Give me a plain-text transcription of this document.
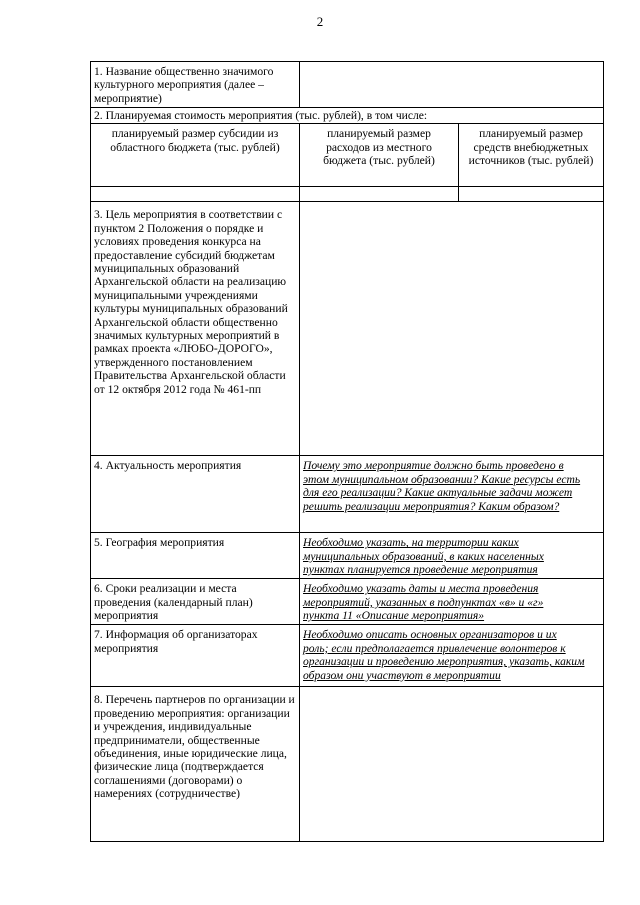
2
1. Название общественно значимого культурного мероприятия (далее – мероприятие)		
2. Планируемая стоимость мероприятия (тыс. рублей), в том числе:		
планируемый размер субсидии из областного бюджета (тыс. рублей)	планируемый размер расходов из местного бюджета (тыс. рублей)	планируемый размер средств внебюджетных источников (тыс. рублей)

3. Цель мероприятия в соответствии с пунктом 2 Положения о порядке и условиях проведения конкурса на предоставление субсидий бюджетам муниципальных образований Архангельской области на реализацию муниципальными учреждениями культуры муниципальных образований Архангельской области общественно значимых культурных мероприятий в рамках проекта «ЛЮБО-ДОРОГО», утвержденного постановлением Правительства Архангельской области от 12 октября 2012 года № 461-пп		
4. Актуальность мероприятия	Почему это мероприятие должно быть проведено в этом муниципальном образовании? Какие ресурсы есть для его реализации? Какие актуальные задачи может решить реализации мероприятия? Каким образом?	
5. География мероприятия	Необходимо указать, на территории каких муниципальных образований, в каких населенных пунктах планируется проведение мероприятия	
6. Сроки реализации и места проведения (календарный план) мероприятия	Необходимо указать даты и места проведения мероприятий, указанных в подпунктах «в» и «г» пункта 11 «Описание мероприятия»	
7. Информация об организаторах мероприятия	Необходимо описать основных организаторов и их роль; если предполагается привлечение волонтеров к организации и проведению мероприятия, указать, каким образом они участвуют в мероприятии	
8. Перечень партнеров по организации и проведению мероприятия: организации и учреждения, индивидуальные предприниматели, общественные объединения, иные юридические лица, физические лица (подтверждается соглашениями (договорами) о намерениях (сотрудничестве)		
